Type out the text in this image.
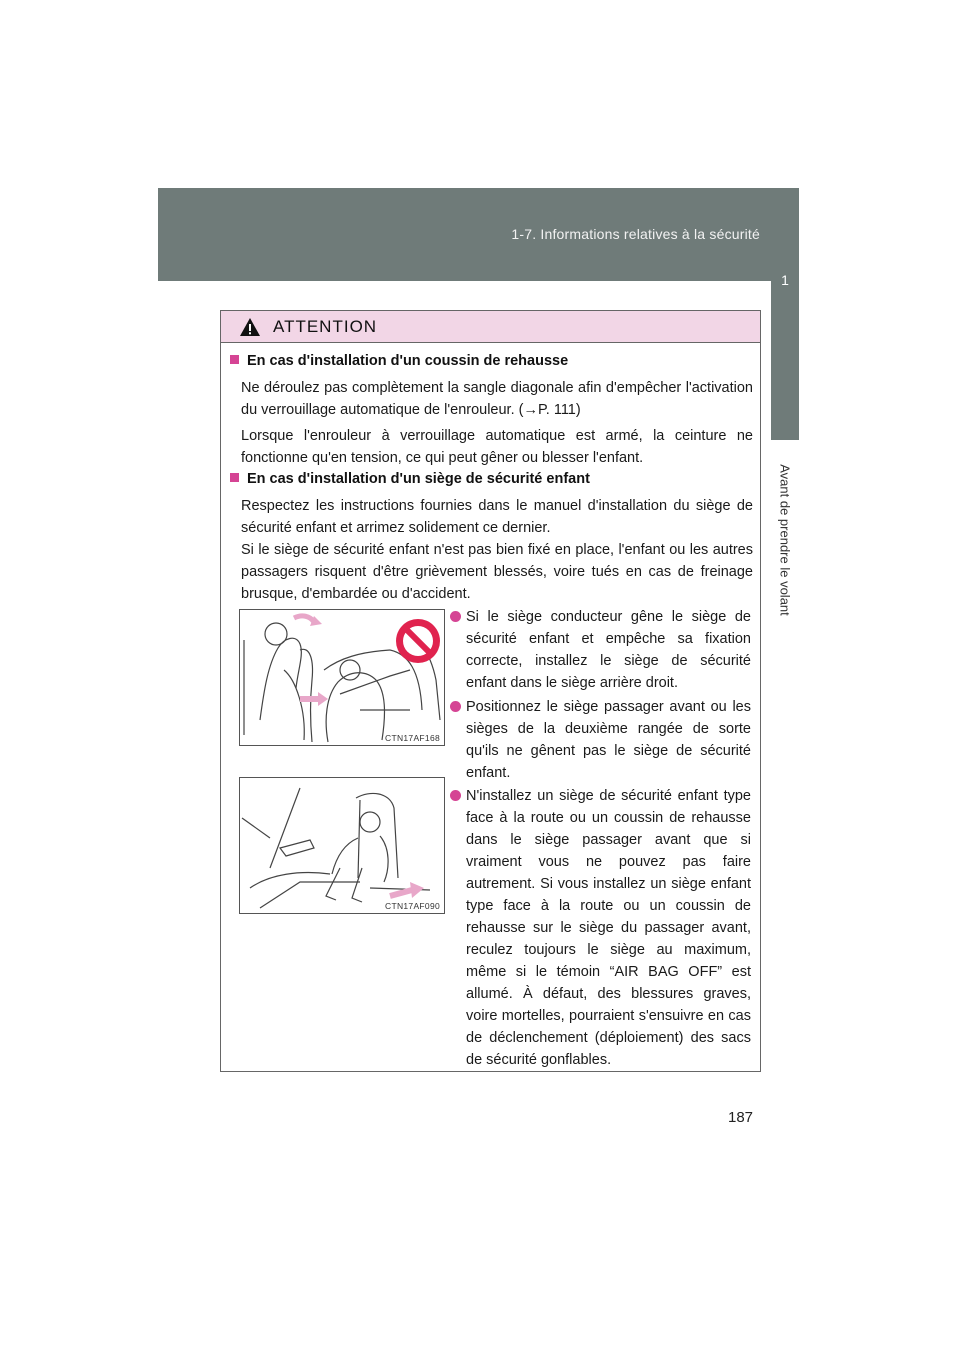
1-7. Informations relatives à la sécurité
1
Avant de prendre le volant
ATTENTION
En cas d'installation d'un coussin de rehausse

Ne déroulez pas complètement la sangle diagonale afin d'empêcher l'activation du verrouillage automatique de l'enrouleur. (→P. 111)

Lorsque l'enrouleur à verrouillage automatique est armé, la ceinture ne fonctionne qu'en tension, ce qui peut gêner ou blesser l'enfant.

En cas d'installation d'un siège de sécurité enfant

Respectez les instructions fournies dans le manuel d'installation du siège de sécurité enfant et arrimez solidement ce dernier.

Si le siège de sécurité enfant n'est pas bien fixé en place, l'enfant ou les autres passagers risquent d'être grièvement blessés, voire tués en cas de freinage brusque, d'embardée ou d'accident.

CTN17AF168
CTN17AF090

Si le siège conducteur gêne le siège de sécurité enfant et empêche sa fixation correcte, installez le siège de sécurité enfant dans le siège arrière droit.

Positionnez le siège passager avant ou les sièges de la deuxième rangée de sorte qu'ils ne gênent pas le siège de sécurité enfant.

N'installez un siège de sécurité enfant type face à la route ou un coussin de rehausse dans le siège passager avant que si vraiment vous ne pouvez pas faire autrement. Si vous installez un siège enfant type face à la route ou un coussin de rehausse sur le siège du passager avant, reculez toujours le siège au maximum, même si le témoin “AIR BAG OFF” est allumé. À défaut, des blessures graves, voire mortelles, pourraient s'ensuivre en cas de déclenchement (déploiement) des sacs de sécurité gonflables.

187
